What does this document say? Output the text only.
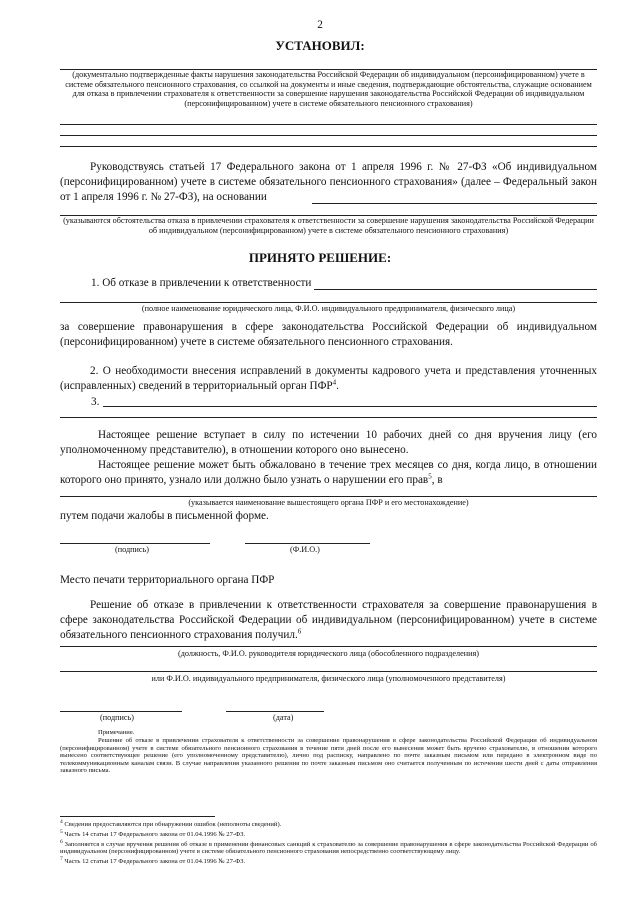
2
УСТАНОВИЛ:
(документально подтвержденные факты нарушения законодательства Российской Федерации об индивидуальном (персонифицированном) учете в системе обязательного пенсионного страхования, со ссылкой на документы и иные сведения, подтверждающие обстоятельства, служащие основанием для отказа в привлечении страхователя к ответственности за совершение нарушения законодательства Российской Федерации об индивидуальном (персонифицированном) учете в системе обязательного пенсионного страхования)
Руководствуясь статьей 17 Федерального закона от 1 апреля 1996 г. № 27-ФЗ «Об индивидуальном (персонифицированном) учете в системе обязательного пенсионного страхования» (далее – Федеральный закон от 1 апреля 1996 г. № 27-ФЗ), на основании
(указываются обстоятельства отказа в привлечении страхователя к ответственности за совершение нарушения законодательства Российской Федерации об индивидуальном (персонифицированном) учете в системе обязательного пенсионного страхования)
ПРИНЯТО РЕШЕНИЕ:
1. Об отказе в привлечении к ответственности
(полное наименование юридического лица, Ф.И.О. индивидуального предпринимателя, физического лица)
за совершение правонарушения в сфере законодательства Российской Федерации об индивидуальном (персонифицированном) учете в системе обязательного пенсионного страхования.
2. О необходимости внесения исправлений в документы кадрового учета и представления уточненных (исправленных) сведений в территориальный орган ПФР$^4$.
3.
Настоящее решение вступает в силу по истечении 10 рабочих дней со дня вручения лицу (его уполномоченному представителю), в отношении которого оно вынесено.
Настоящее решение может быть обжаловано в течение трех месяцев со дня, когда лицо, в отношении которого оно принято, узнало или должно было узнать о нарушении его прав$^5$, в
(указывается наименование вышестоящего органа ПФР и его местонахождение)
путем подачи жалобы в письменной форме.
(подпись)	(Ф.И.О.)
Место печати территориального органа ПФР
Решение об отказе в привлечении к ответственности страхователя за совершение правонарушения в сфере законодательства Российской Федерации об индивидуальном (персонифицированном) учете в системе обязательного пенсионного страхования получил.$^6$
(должность, Ф.И.О. руководителя юридического лица (обособленного подразделения)
или Ф.И.О. индивидуального предпринимателя, физического лица (уполномоченного представителя)
(подпись)	(дата)
Примечание.
Решение об отказе в привлечении страхователя к ответственности за совершение правонарушения в сфере законодательства Российской Федерации об индивидуальном (персонифицированном) учете в системе обязательного пенсионного страхования в течение пяти дней после его вынесения может быть вручено страхователю, в отношении которого вынесено соответствующее решение (его уполномоченному представителю), лично под расписку, направлено по почте заказным письмом или передано в электронном виде по телекоммуникационным каналам связи. В случае направления указанного решения по почте заказным письмом оно считается полученным по истечении шести дней с даты отправления заказного письма.
$^4$ Сведения предоставляются при обнаружении ошибок (неполноты сведений).
$^5$ Часть 14 статьи 17 Федерального закона от 01.04.1996 № 27-ФЗ.
$^6$ Заполняется в случае вручения решения об отказе в применении финансовых санкций к страхователю за совершение правонарушения в сфере законодательства Российской Федерации об индивидуальном (персонифицированном) учете в системе обязательного пенсионного страхования непосредственно соответствующему лицу.
$^7$ Часть 12 статьи 17 Федерального закона от 01.04.1996 № 27-ФЗ.
